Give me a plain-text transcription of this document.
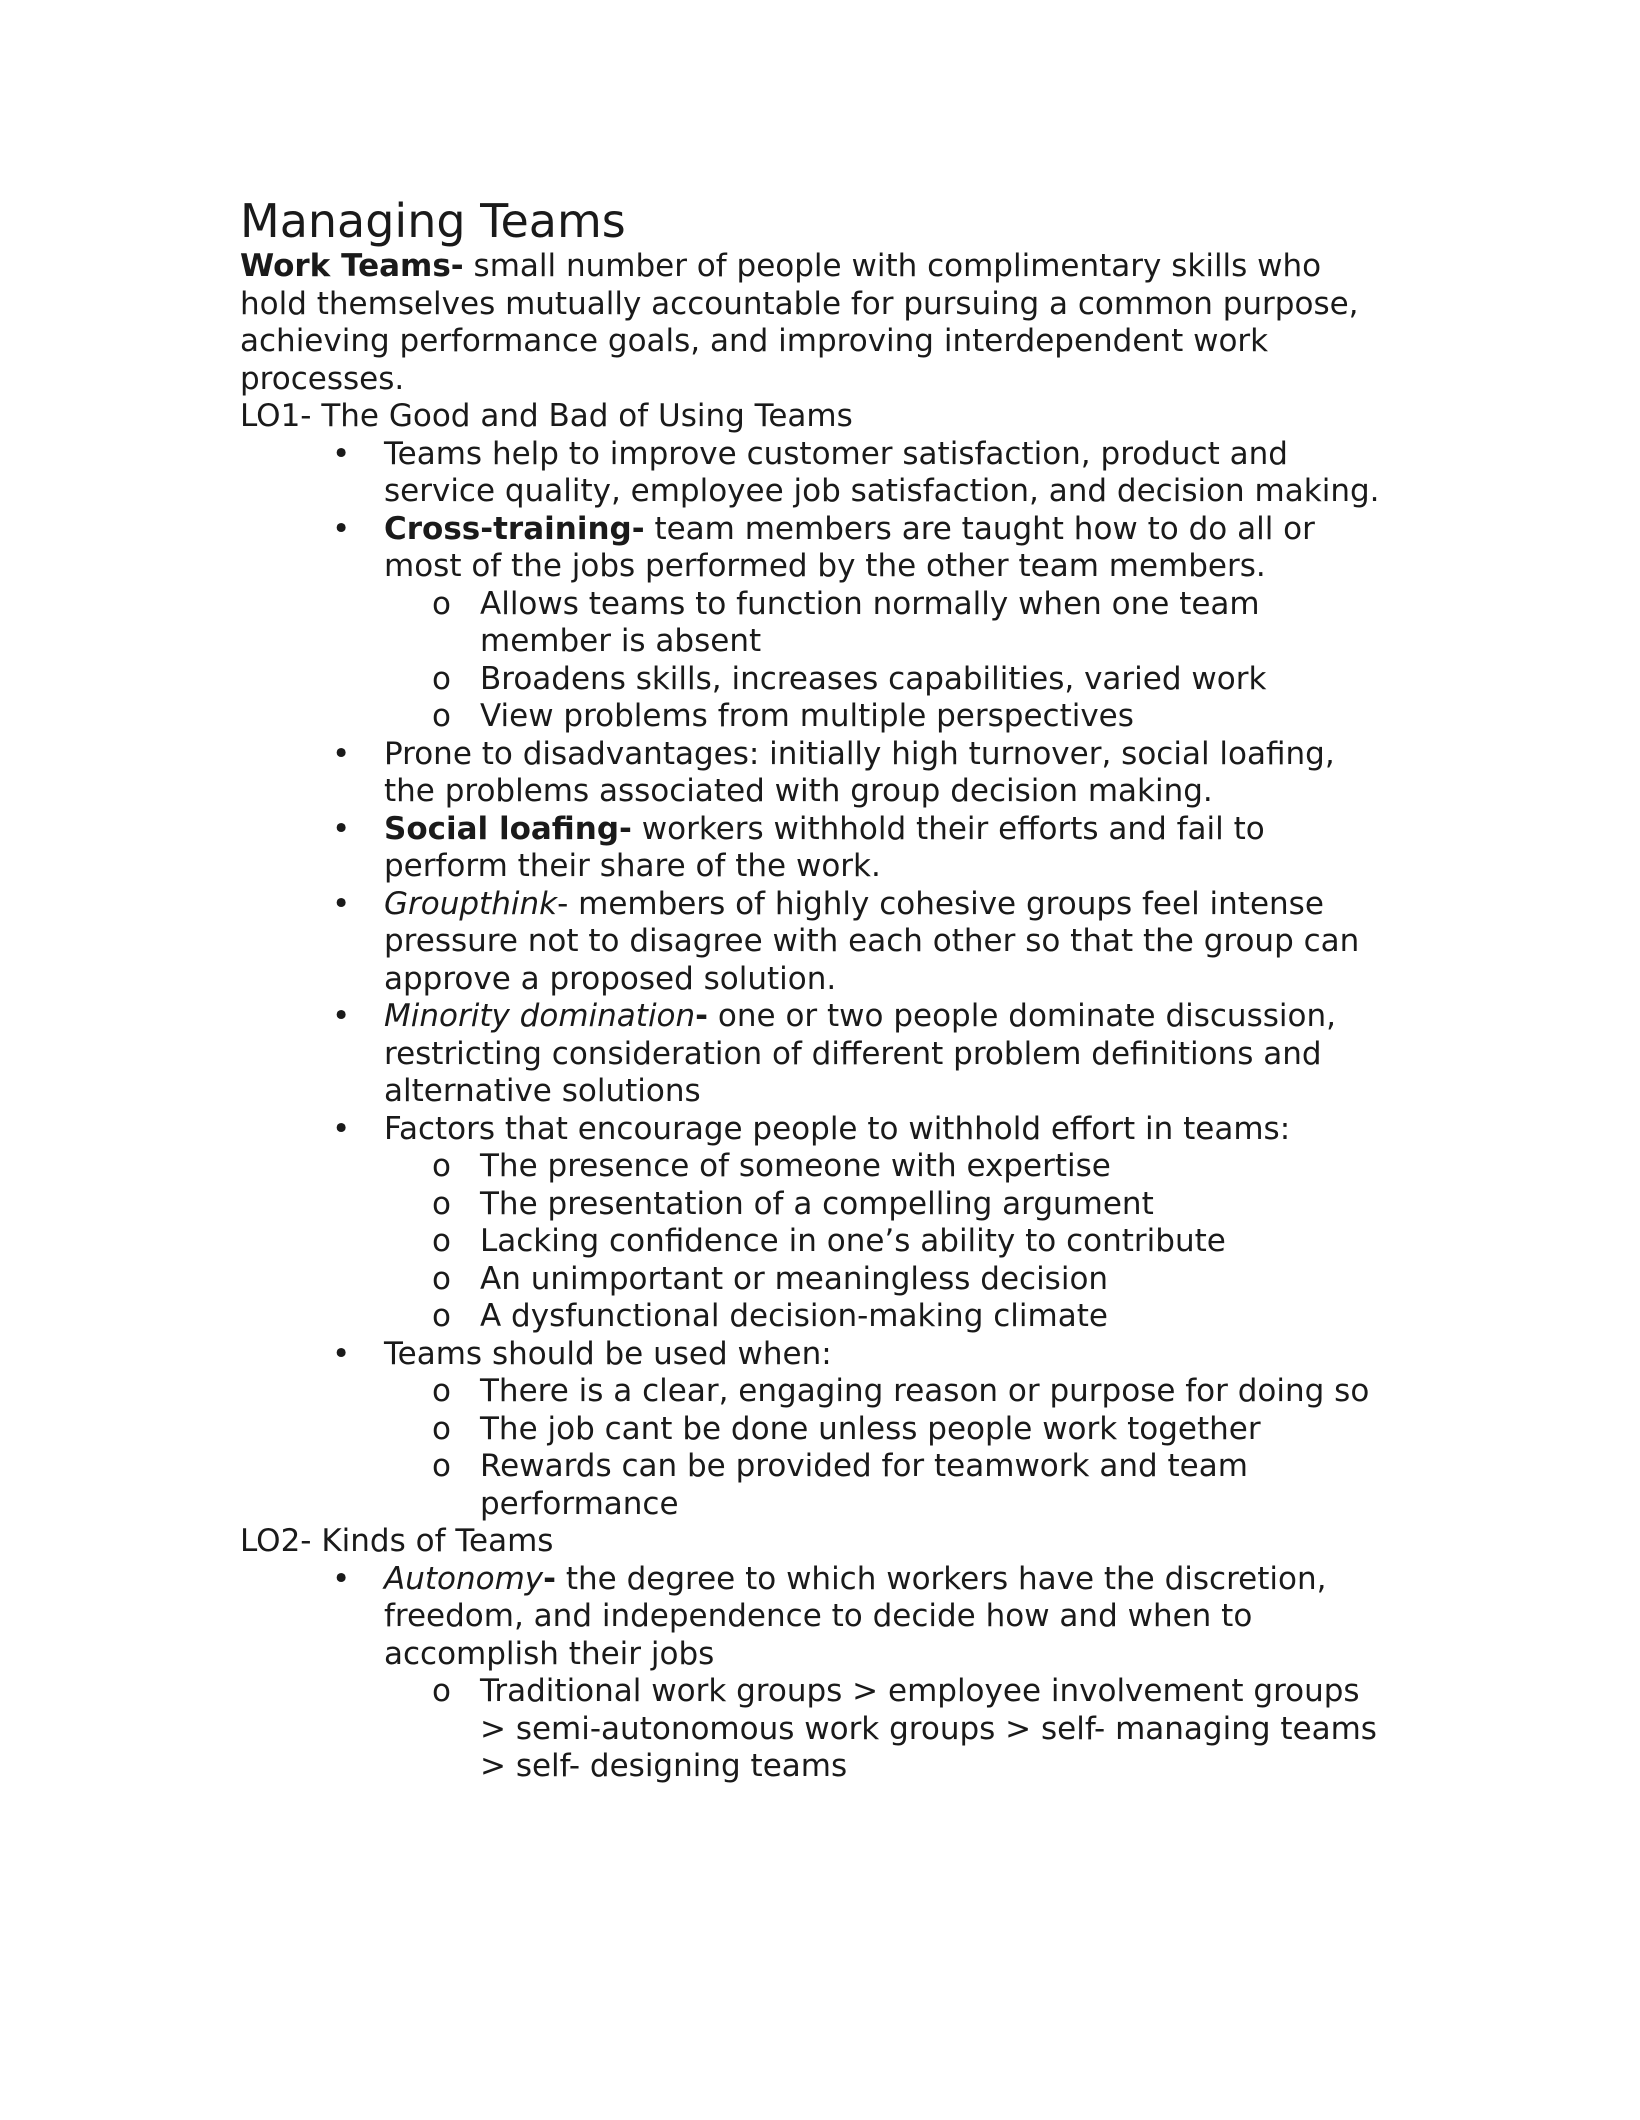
Managing Teams

Work Teams- small number of people with complimentary skills who hold themselves mutually accountable for pursuing a common purpose, achieving performance goals, and improving interdependent work processes.

LO1- The Good and Bad of Using Teams
• Teams help to improve customer satisfaction, product and service quality, employee job satisfaction, and decision making.
• Cross-training- team members are taught how to do all or most of the jobs performed by the other team members.
o Allows teams to function normally when one team member is absent
o Broadens skills, increases capabilities, varied work
o View problems from multiple perspectives
• Prone to disadvantages: initially high turnover, social loafing, the problems associated with group decision making.
• Social loafing- workers withhold their efforts and fail to perform their share of the work.
• Groupthink- members of highly cohesive groups feel intense pressure not to disagree with each other so that the group can approve a proposed solution.
• Minority domination- one or two people dominate discussion, restricting consideration of different problem definitions and alternative solutions
• Factors that encourage people to withhold effort in teams:
o The presence of someone with expertise
o The presentation of a compelling argument
o Lacking confidence in one’s ability to contribute
o An unimportant or meaningless decision
o A dysfunctional decision-making climate
• Teams should be used when:
o There is a clear, engaging reason or purpose for doing so
o The job cant be done unless people work together
o Rewards can be provided for teamwork and team performance
LO2- Kinds of Teams
• Autonomy- the degree to which workers have the discretion, freedom, and independence to decide how and when to accomplish their jobs
o Traditional work groups > employee involvement groups > semi-autonomous work groups > self- managing teams > self- designing teams
